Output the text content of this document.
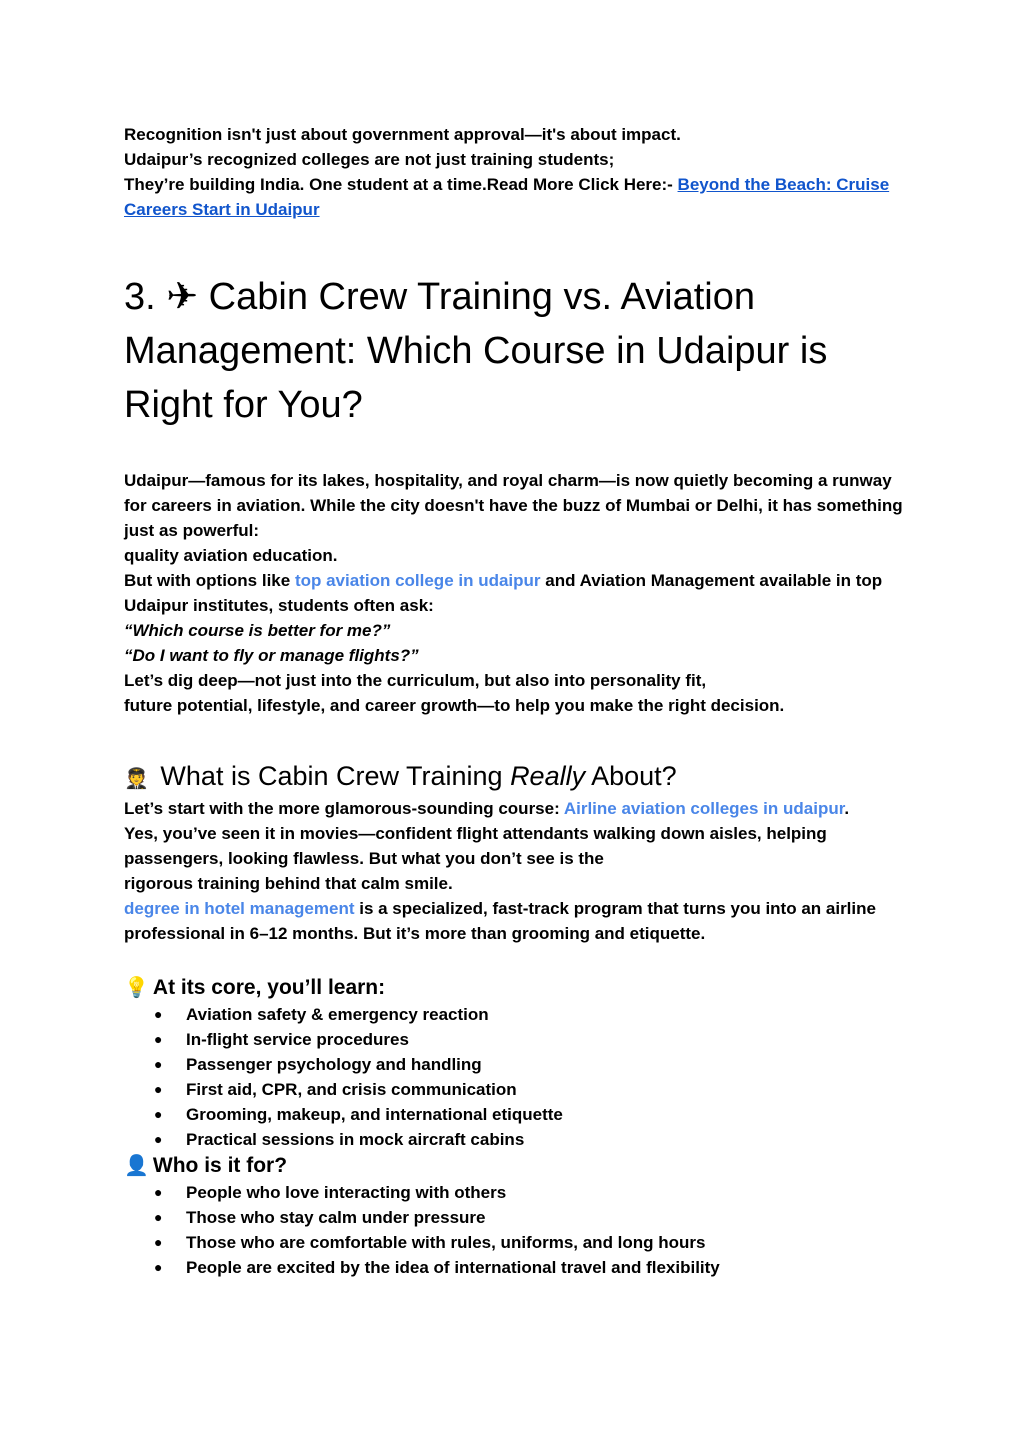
Recognition isn't just about government approval—it's about impact.

Udaipur’s recognized colleges are not just training students;

They’re building India. One student at a time.Read More Click Here:- Beyond the Beach: Cruise Careers Start in Udaipur

3. ✈ Cabin Crew Training vs. Aviation Management: Which Course in Udaipur is Right for You?

Udaipur—famous for its lakes, hospitality, and royal charm—is now quietly becoming a runway for careers in aviation. While the city doesn't have the buzz of Mumbai or Delhi, it has something just as powerful:

quality aviation education.

But with options like top aviation college in udaipur and Aviation Management available in top Udaipur institutes, students often ask:

“Which course is better for me?”

“Do I want to fly or manage flights?”

Let’s dig deep—not just into the curriculum, but also into personality fit,

future potential, lifestyle, and career growth—to help you make the right decision.

🧑‍✈️ What is Cabin Crew Training Really About?

Let’s start with the more glamorous-sounding course: Airline aviation colleges in udaipur.

Yes, you’ve seen it in movies—confident flight attendants walking down aisles, helping passengers, looking flawless. But what you don’t see is the

rigorous training behind that calm smile.

degree in hotel management is a specialized, fast-track program that turns you into an airline professional in 6–12 months. But it’s more than grooming and etiquette.

💡 At its core, you’ll learn:
● Aviation safety & emergency reaction
● In-flight service procedures
● Passenger psychology and handling
● First aid, CPR, and crisis communication
● Grooming, makeup, and international etiquette
● Practical sessions in mock aircraft cabins
👤 Who is it for?
● People who love interacting with others
● Those who stay calm under pressure
● Those who are comfortable with rules, uniforms, and long hours
● People are excited by the idea of international travel and flexibility
